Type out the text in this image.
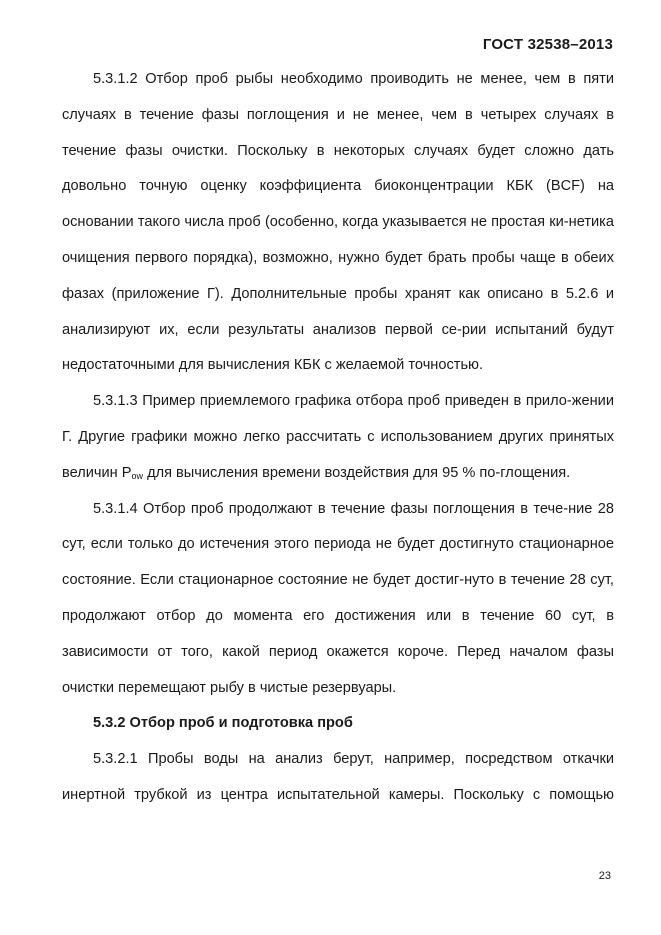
ГОСТ 32538–2013

5.3.1.2 Отбор проб рыбы необходимо проиводить не менее, чем в пяти случаях в течение фазы поглощения и не менее, чем в четырех случаях в течение фазы очистки. Поскольку в некоторых случаях будет сложно дать довольно точную оценку коэффициента биоконцентрации КБК (BCF) на основании такого числа проб (особенно, когда указывается не простая ки-нетика очищения первого порядка), возможно, нужно будет брать пробы чаще в обеих фазах (приложение Г). Дополнительные пробы хранят как описано в 5.2.6 и анализируют их, если результаты анализов первой се-рии испытаний будут недостаточными для вычисления КБК с желаемой точностью.

5.3.1.3 Пример приемлемого графика отбора проб приведен в прило-жении Г. Другие графики можно легко рассчитать с использованием других принятых величин $P_{ow}$ для вычисления времени воздействия для 95 % по-глощения.

5.3.1.4 Отбор проб продолжают в течение фазы поглощения в тече-ние 28 сут, если только до истечения этого периода не будет достигнуто стационарное состояние. Если стационарное состояние не будет достиг-нуто в течение 28 сут, продолжают отбор до момента его достижения или в течение 60 сут, в зависимости от того, какой период окажется короче. Перед началом фазы очистки перемещают рыбу в чистые резервуары.

5.3.2 Отбор проб и подготовка проб

5.3.2.1 Пробы воды на анализ берут, например, посредством откачки инертной трубкой из центра испытательной камеры. Поскольку с помощью

23
